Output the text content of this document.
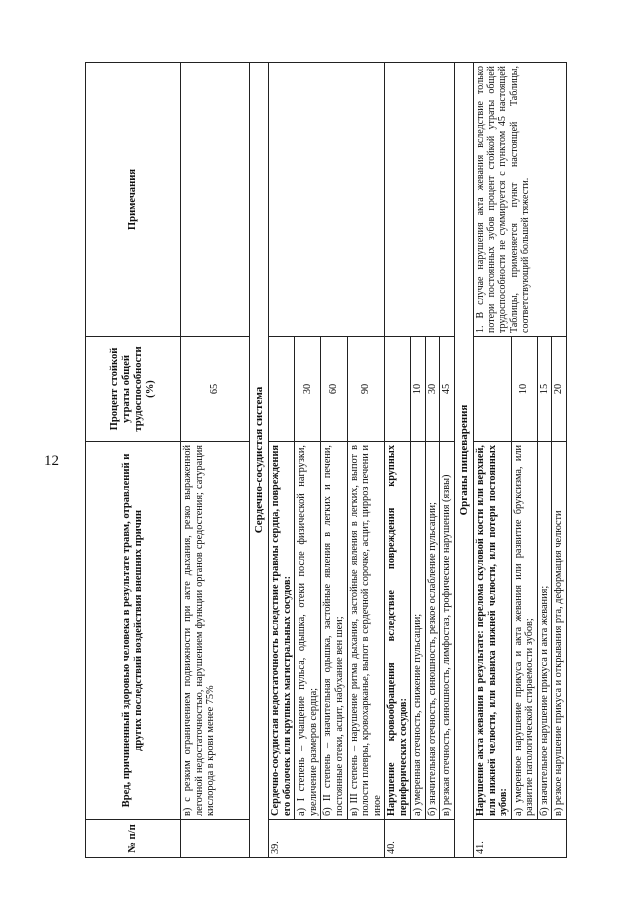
12
№ п/п	Вред, причиненный здоровью человека в результате травм, отравлений и других последствий воздействия внешних причин	Процент стойкой утраты общей трудоспособности (%)	Примечания
	в) с резким ограничением подвижности при акте дыхания, резко выраженной легочной недостаточностью, нарушением функции органов средостения; сатурация кислорода в крови менее 75%	65	
Сердечно-сосудистая система			
39.	Сердечно-сосудистая недостаточность вследствие травмы сердца, повреждения его оболочек или крупных магистральных сосудов:		
	а) I степень – учащение пульса, одышка, отеки после физической нагрузки, увеличение размеров сердца;	30	
	б) II степень – значительная одышка, застойные явления в легких и печени, постоянные отеки, асцит, набухание вен шеи;	60	
	в) III степень – нарушение ритма дыхания, застойные явления в легких, выпот в полости плевры, кровохарканье, выпот в сердечной сорочке, асцит, цирроз печени и иное	90	
40.	Нарушение кровообращения вследствие повреждения крупных периферических сосудов:		
	а) умеренная отечность, снижение пульсации;	10	
	б) значительная отечность, синюшность, резкое ослабление пульсации;	30	
	в) резкая отечность, синюшность, лимфостаз, трофические нарушения (язвы)	45	
Органы пищеварения			
41.	Нарушение акта жевания в результате: перелома скуловой кости или верхней, или нижней челюсти, или вывиха нижней челюсти, или потери постоянных зубов:		1. В случае нарушения акта жевания вследствие только потери постоянных зубов процент стойкой утраты общей трудоспособности не суммируется с пунктом 45 настоящей Таблицы, применяется пункт настоящей Таблицы, соответствующий большей тяжести.
	а) умеренное нарушение прикуса и акта жевания или развитие бруксизма, или развитие патологической стираемости зубов;	10	
	б) значительное нарушение прикуса и акта жевания;	15	
	в) резкое нарушение прикуса и открывания рта, деформация челюсти	20	
